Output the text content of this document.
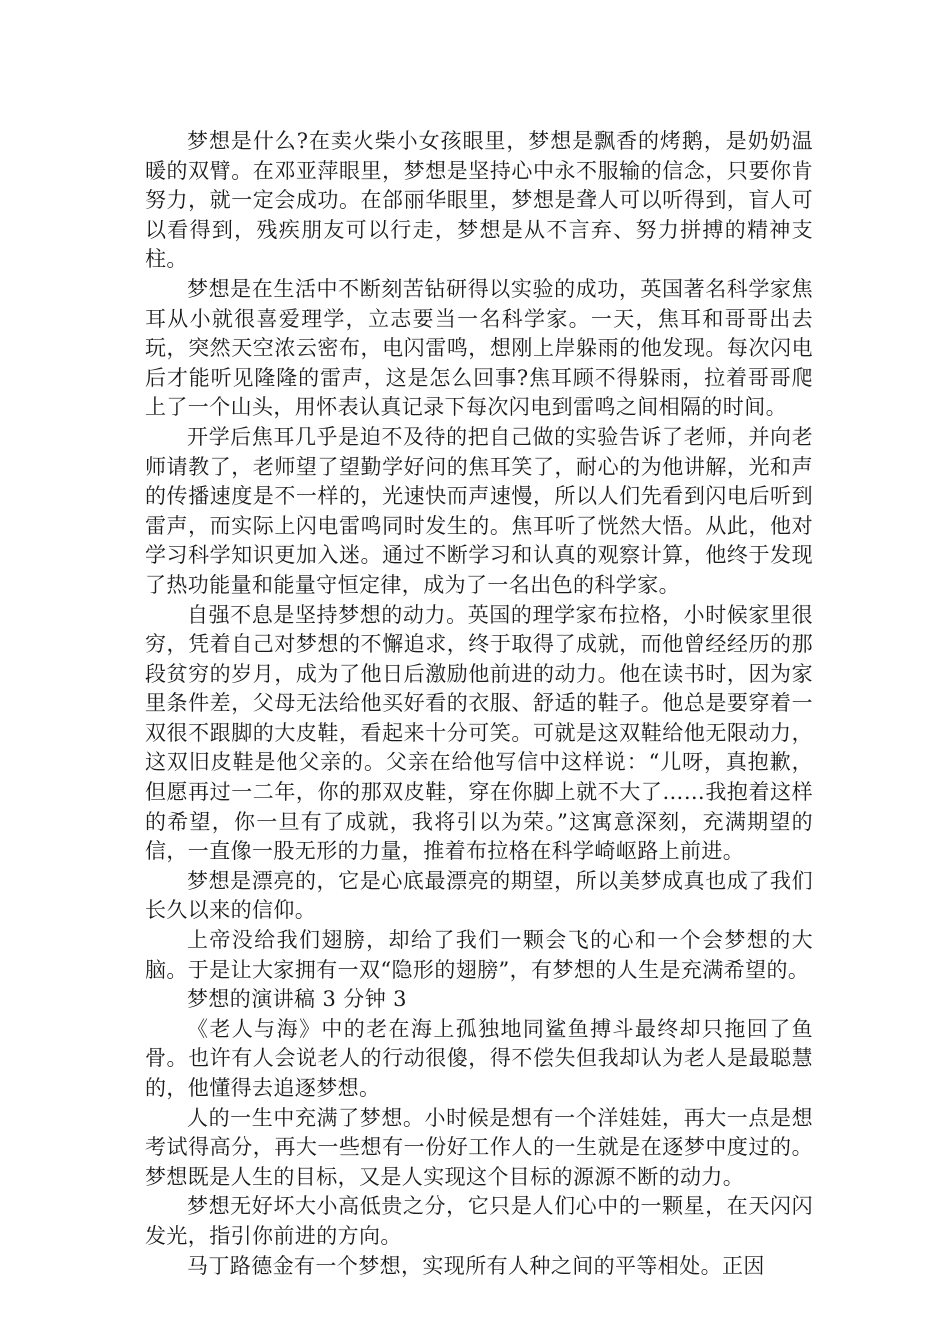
梦想是什么?在卖火柴小女孩眼里，梦想是飘香的烤鹅，是奶奶温暖的双臂。在邓亚萍眼里，梦想是坚持心中永不服输的信念，只要你肯努力，就一定会成功。在郃丽华眼里，梦想是聋人可以听得到，盲人可以看得到，残疾朋友可以行走，梦想是从不言弃、努力拼搏的精神支柱。

梦想是在生活中不断刻苦钻研得以实验的成功，英国著名科学家焦耳从小就很喜爱理学，立志要当一名科学家。一天，焦耳和哥哥出去玩，突然天空浓云密布，电闪雷鸣，想刚上岸躲雨的他发现。每次闪电后才能听见隆隆的雷声，这是怎么回事?焦耳顾不得躲雨，拉着哥哥爬上了一个山头，用怀表认真记录下每次闪电到雷鸣之间相隔的时间。

开学后焦耳几乎是迫不及待的把自己做的实验告诉了老师，并向老师请教了，老师望了望勤学好问的焦耳笑了，耐心的为他讲解，光和声的传播速度是不一样的，光速快而声速慢，所以人们先看到闪电后听到雷声，而实际上闪电雷鸣同时发生的。焦耳听了恍然大悟。从此，他对学习科学知识更加入迷。通过不断学习和认真的观察计算，他终于发现了热功能量和能量守恒定律，成为了一名出色的科学家。

自强不息是坚持梦想的动力。英国的理学家布拉格，小时候家里很穷，凭着自己对梦想的不懈追求，终于取得了成就，而他曾经经历的那段贫穷的岁月，成为了他日后激励他前进的动力。他在读书时，因为家里条件差，父母无法给他买好看的衣服、舒适的鞋子。他总是要穿着一双很不跟脚的大皮鞋，看起来十分可笑。可就是这双鞋给他无限动力，这双旧皮鞋是他父亲的。父亲在给他写信中这样说：“儿呀，真抱歉，但愿再过一二年，你的那双皮鞋，穿在你脚上就不大了……我抱着这样的希望，你一旦有了成就，我将引以为荣。”这寓意深刻，充满期望的信，一直像一股无形的力量，推着布拉格在科学崎岖路上前进。

梦想是漂亮的，它是心底最漂亮的期望，所以美梦成真也成了我们长久以来的信仰。

上帝没给我们翅膀，却给了我们一颗会飞的心和一个会梦想的大脑。于是让大家拥有一双“隐形的翅膀”，有梦想的人生是充满希望的。

梦想的演讲稿 3 分钟 3

《老人与海》中的老在海上孤独地同鲨鱼搏斗最终却只拖回了鱼骨。也许有人会说老人的行动很傻，得不偿失但我却认为老人是最聪慧的，他懂得去追逐梦想。

人的一生中充满了梦想。小时候是想有一个洋娃娃，再大一点是想考试得高分，再大一些想有一份好工作人的一生就是在逐梦中度过的。梦想既是人生的目标，又是人实现这个目标的源源不断的动力。

梦想无好坏大小高低贵之分，它只是人们心中的一颗星，在天闪闪发光，指引你前进的方向。

马丁路德金有一个梦想，实现所有人种之间的平等相处。正因
